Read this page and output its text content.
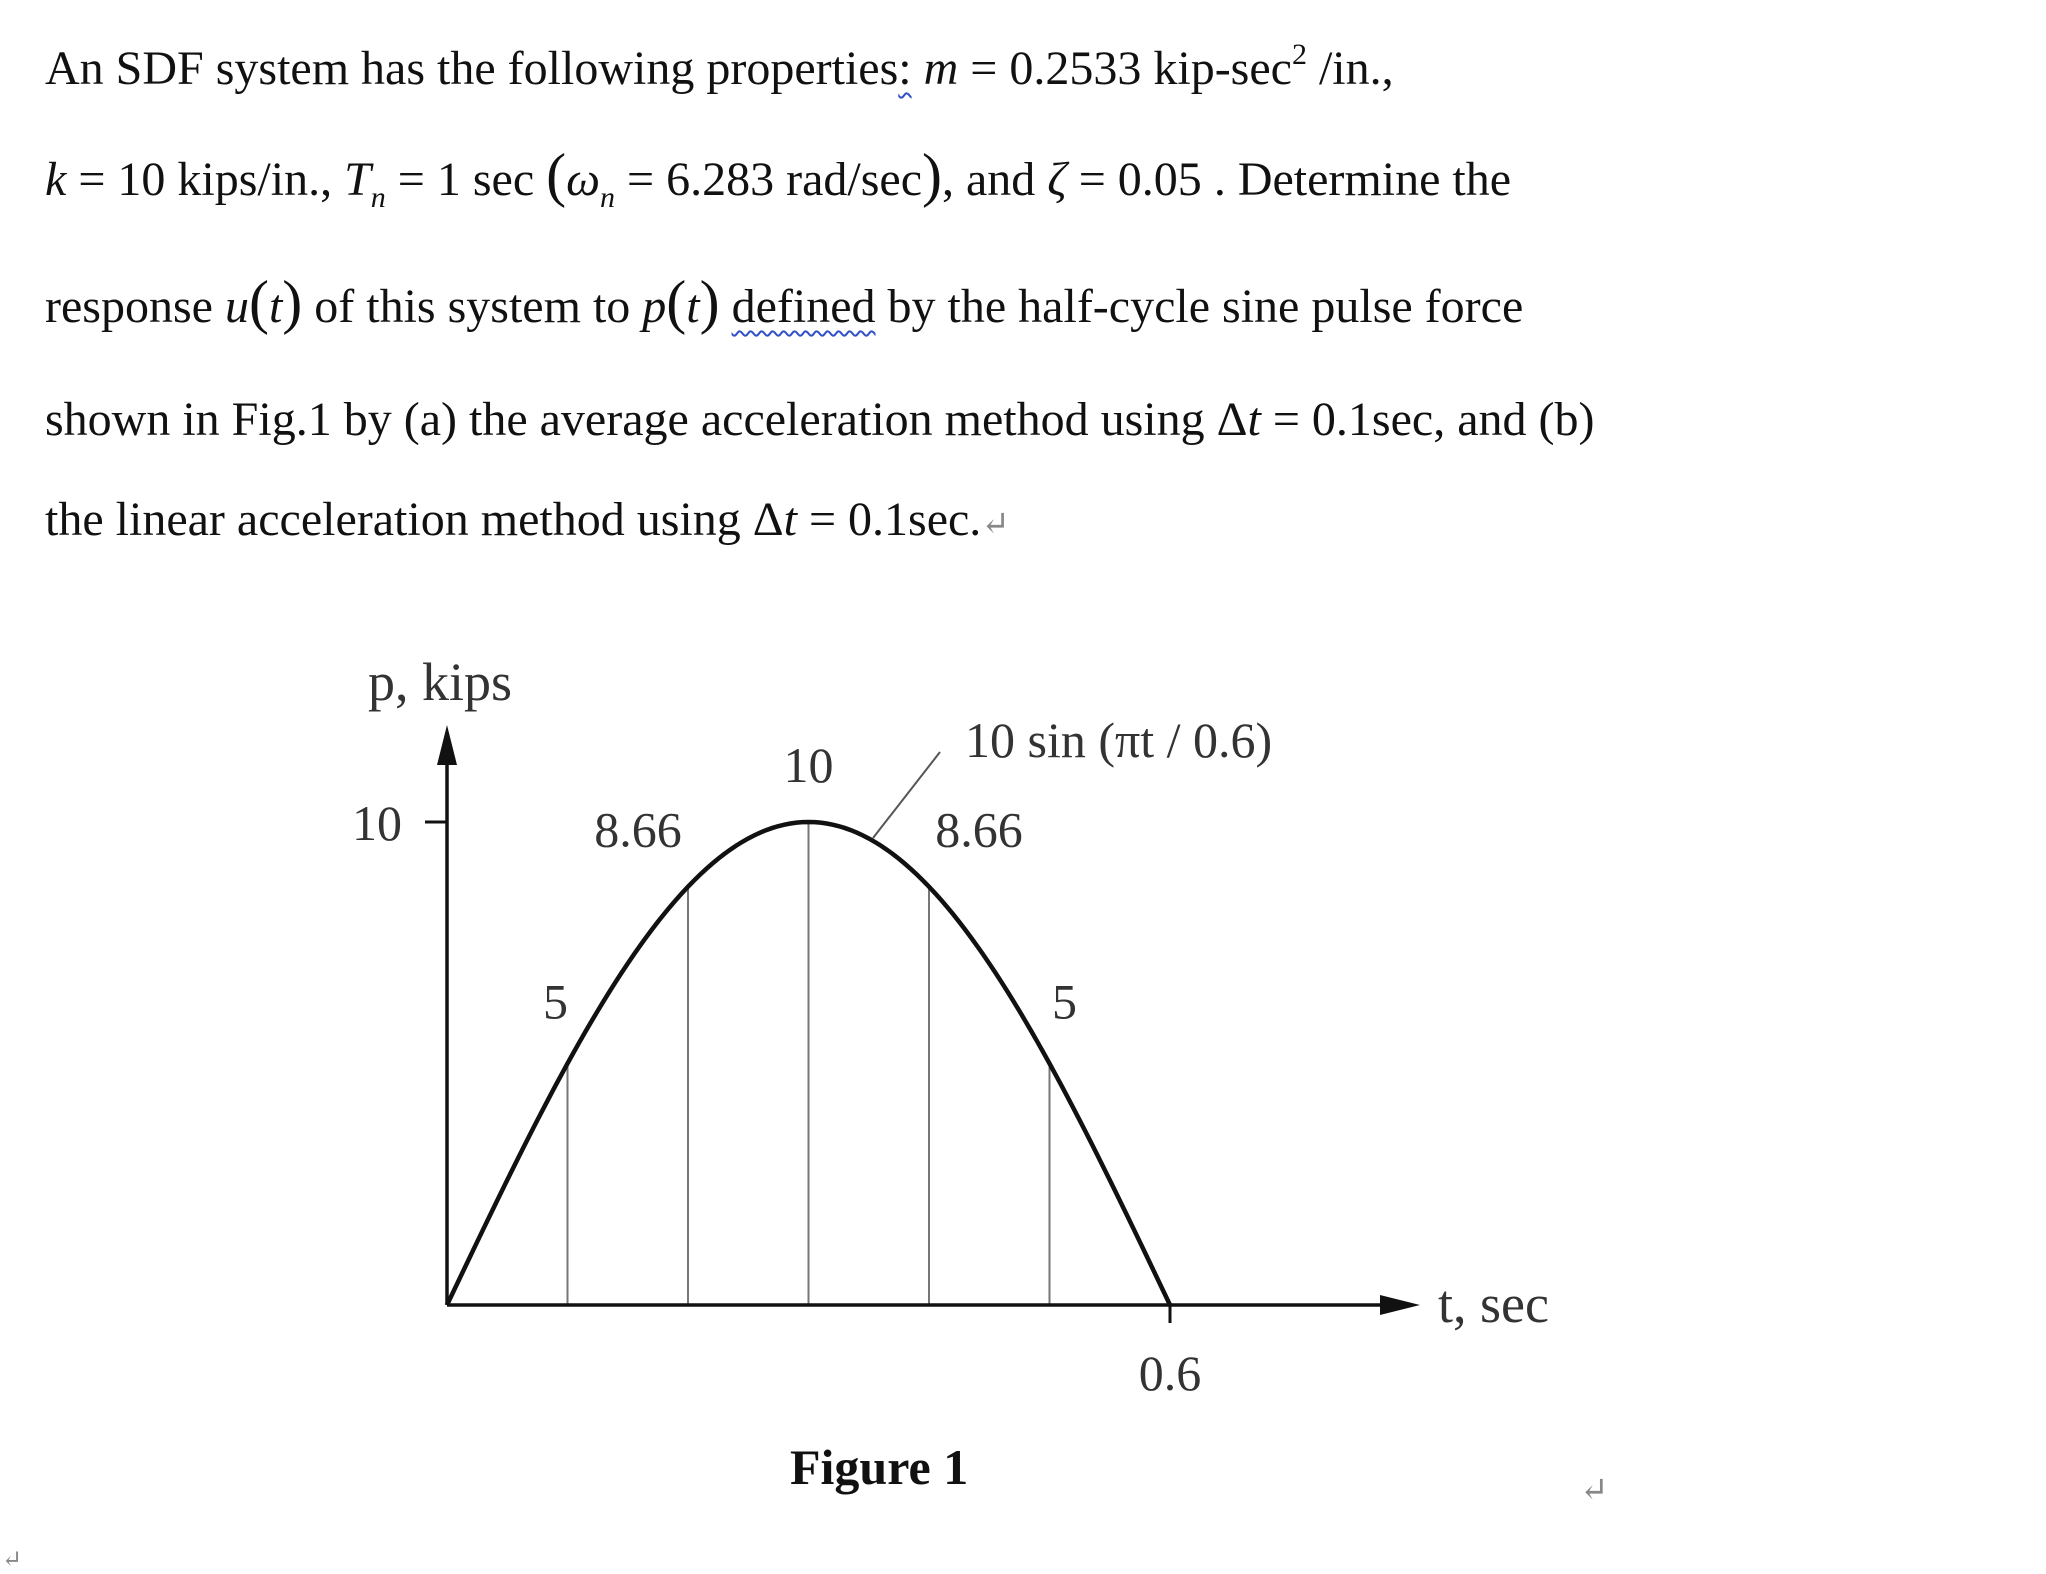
An SDF system has the following properties: m = 0.2533 kip-$\sec^2$ /in.,
k = 10 kips/in., $T_n = 1$ $\sec (\omega_n = 6.283$ rad/sec), and ζ = 0.05 . Determine the
response u(t) of this system to p(t) defined by the half-cycle sine pulse force
shown in Fig.1 by (a) the average acceleration method using Δt = 0.1sec, and (b)
the linear acceleration method using Δt = 0.1sec.↵
10
0.6
5
8.66
10
8.66
5
10 sin (πt / 0.6)
p, kips
t, sec
Figure 1	↵
↵
